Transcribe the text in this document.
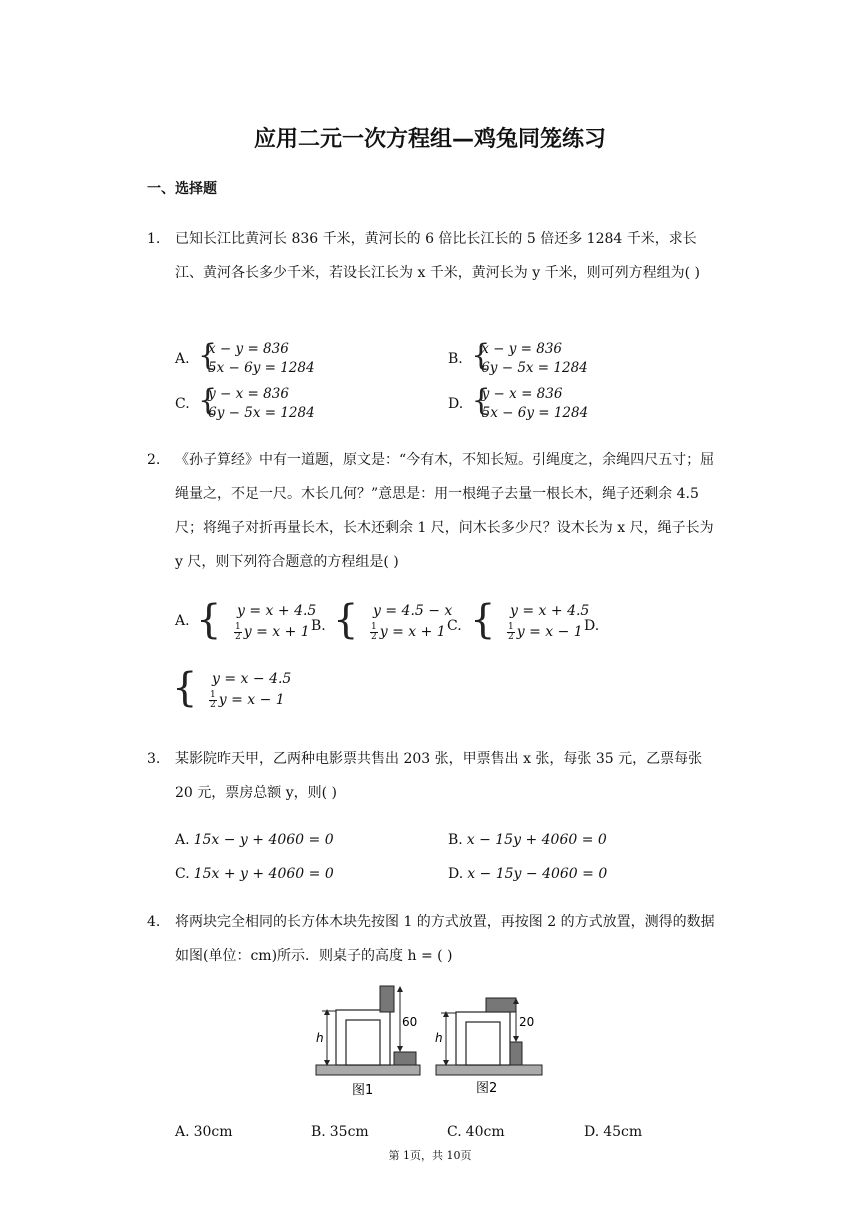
应用二元一次方程组—鸡兔同笼练习
一、选择题
1. 已知长江比黄河长 836 千米，黄河长的 6 倍比长江长的 5 倍还多 1284 千米，求长江、黄河各长多少千米，若设长江长为 x 千米，黄河长为 y 千米，则可列方程组为( )
A. {
x − y = 836
5x − 6y = 1284
B. {
x − y = 836
6y − 5x = 1284
C. {
y − x = 836
6y − 5x = 1284
D. {
y − x = 836
5x − 6y = 1284
2. 《孙子算经》中有一道题，原文是：“今有木，不知长短。引绳度之，余绳四尺五寸；屈绳量之，不足一尺。木长几何？”意思是：用一根绳子去量一根长木，绳子还剩余 4.5 尺；将绳子对折再量长木，长木还剩余 1 尺，问木长多少尺？设木长为 x 尺，绳子长为 y 尺，则下列符合题意的方程组是( )
A. { y = x + 4.5
$\frac{1}{2}$ y = x + 1 B. { y = 4.5 − x
$\frac{1}{2}$ y = x + 1 C. { y = x + 4.5
$\frac{1}{2}$ y = x − 1 D.
{ y = x − 4.5
$\frac{1}{2}$ y = x − 1
3. 某影院昨天甲，乙两种电影票共售出 203 张，甲票售出 x 张，每张 35 元，乙票每张 20 元，票房总额 y，则( )
A. 15x − y + 4060 = 0	B. x − 15y + 4060 = 0
C. 15x + y + 4060 = 0	D. x − 15y − 4060 = 0
4. 将两块完全相同的长方体木块先按图 1 的方式放置，再按图 2 的方式放置，测得的数据如图(单位：cm)所示．则桌子的高度 h = ( )
60
h
图1
20
h
图2
A. 30cm	B. 35cm	C. 40cm	D. 45cm
第 1页，共 10页
